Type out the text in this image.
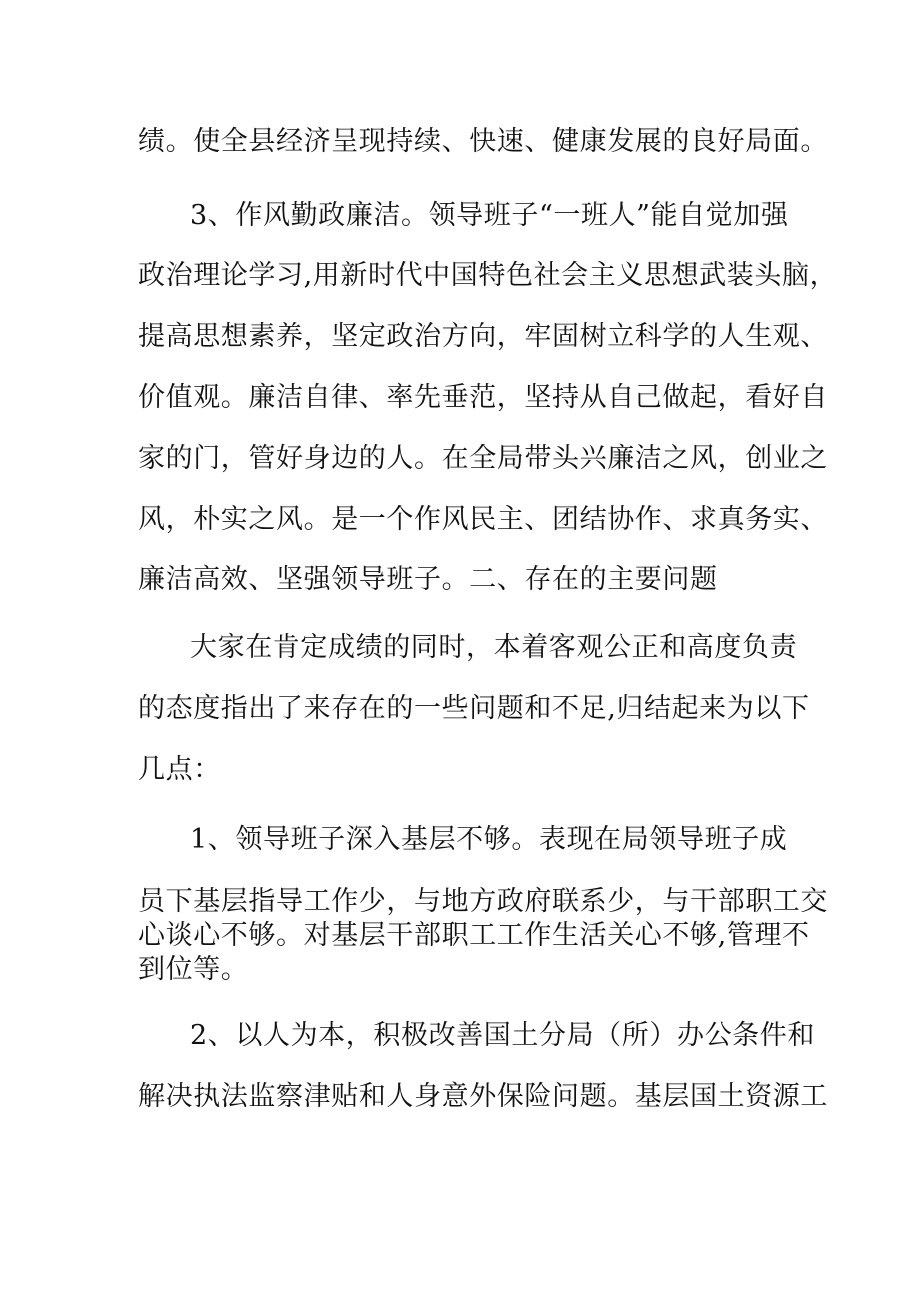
绩。使全县经济呈现持续、快速、健康发展的良好局面。
3、作风勤政廉洁。领导班子“一班人”能自觉加强
政治理论学习,用新时代中国特色社会主义思想武装头脑，
提高思想素养，坚定政治方向，牢固树立科学的人生观、
价值观。廉洁自律、率先垂范，坚持从自己做起，看好自
家的门，管好身边的人。在全局带头兴廉洁之风，创业之
风，朴实之风。是一个作风民主、团结协作、求真务实、
廉洁高效、坚强领导班子。二、存在的主要问题
大家在肯定成绩的同时，本着客观公正和高度负责
的态度指出了来存在的一些问题和不足,归结起来为以下
几点：
1、领导班子深入基层不够。表现在局领导班子成
员下基层指导工作少，与地方政府联系少，与干部职工交
心谈心不够。对基层干部职工工作生活关心不够,管理不
到位等。
2、以人为本，积极改善国土分局（所）办公条件和
解决执法监察津贴和人身意外保险问题。基层国土资源工
